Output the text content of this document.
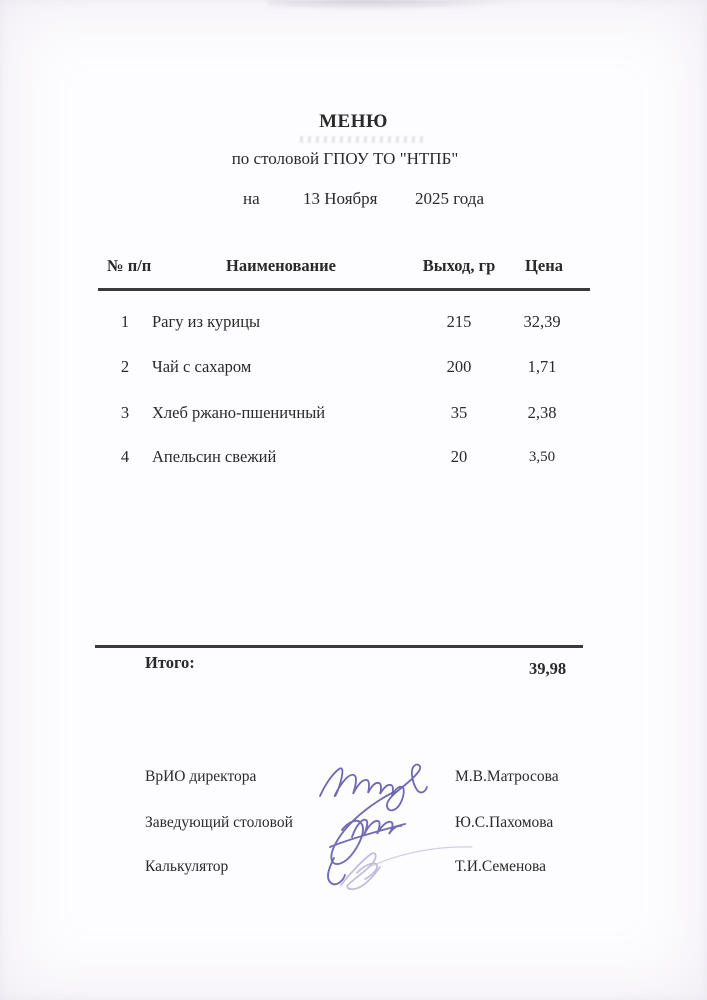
МЕНЮ
по столовой ГПОУ ТО "НТПБ"
на	13 Ноября 2025 года
№ п/п	Наименование	Выход, гр	Цена
1	Рагу из курицы	215	32,39
2	Чай с сахаром	200	1,71
3	Хлеб ржано-пшеничный	35	2,38
4	Апельсин свежий	20	3,50
Итого:	39,98
ВрИО директора	М.В.Матросова
Заведующий столовой	Ю.С.Пахомова
Калькулятор	Т.И.Семенова
